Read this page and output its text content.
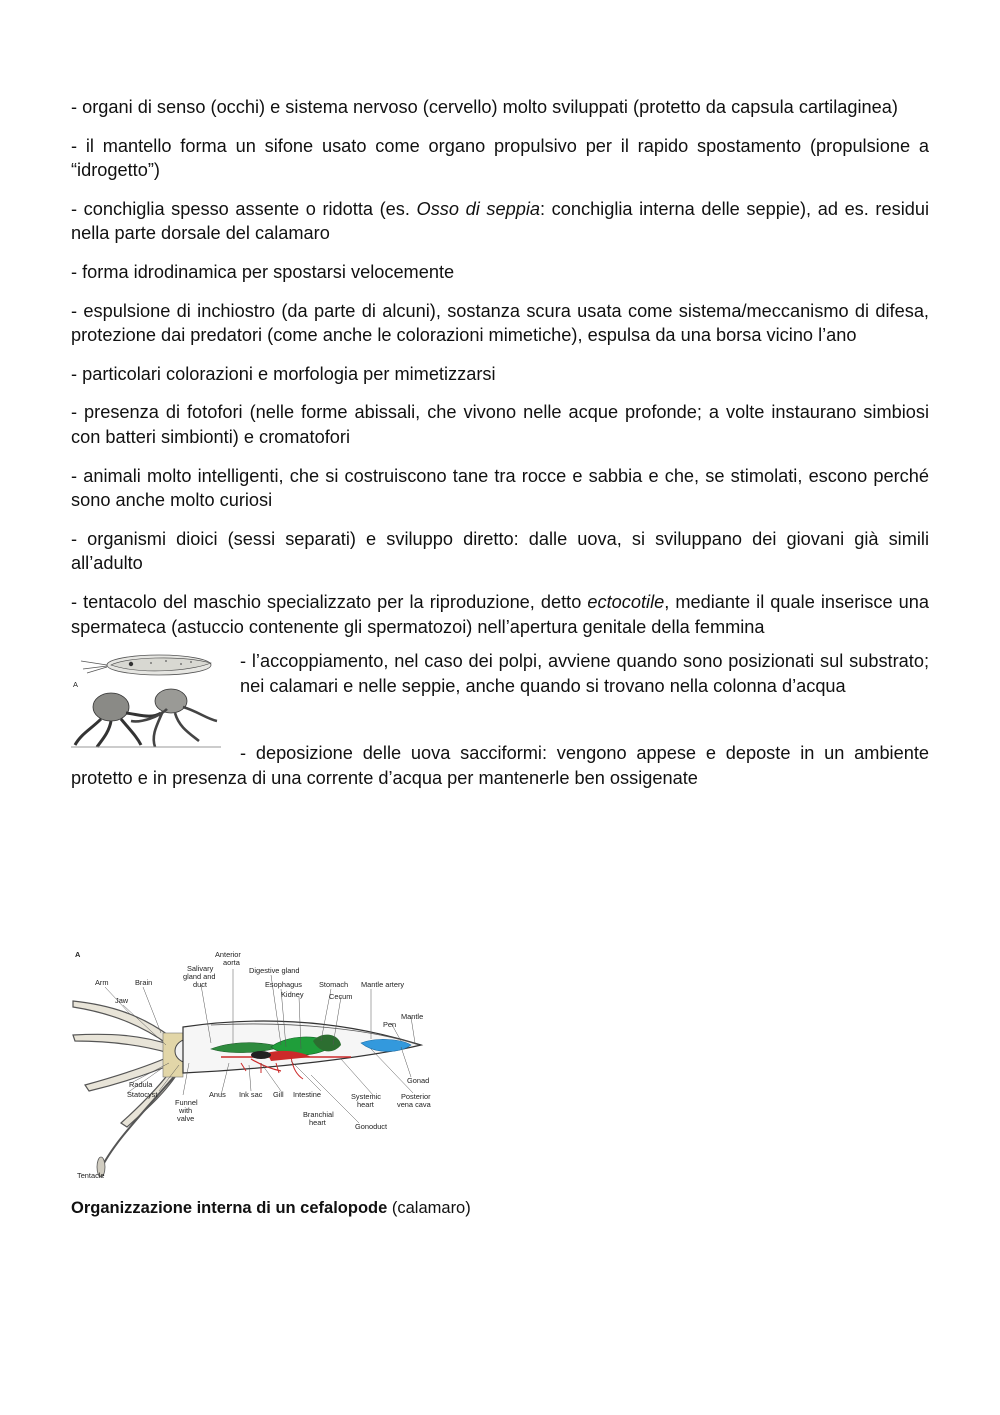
- organi di senso (occhi) e sistema nervoso (cervello) molto sviluppati (protetto da capsula cartilaginea)

- il mantello forma un sifone usato come organo propulsivo per il rapido spostamento (propulsione a “idrogetto”)

- conchiglia spesso assente o ridotta (es. Osso di seppia: conchiglia interna delle seppie), ad es. residui nella parte dorsale del calamaro

- forma idrodinamica per spostarsi velocemente

- espulsione di inchiostro (da parte di alcuni), sostanza scura usata come sistema/meccanismo di difesa, protezione dai predatori (come anche le colorazioni mimetiche), espulsa da una borsa vicino l’ano

- particolari colorazioni e morfologia per mimetizzarsi

- presenza di fotofori (nelle forme abissali, che vivono nelle acque profonde; a volte instaurano simbiosi con batteri simbionti) e cromatofori

- animali molto intelligenti, che si costruiscono tane tra rocce e sabbia e che, se stimolati, escono perché sono anche molto curiosi

- organismi dioici (sessi separati) e sviluppo diretto: dalle uova, si sviluppano dei giovani già simili all’adulto

- tentacolo del maschio specializzato per la riproduzione, detto ectocotile, mediante il quale inserisce una spermateca (astuccio contenente gli spermatozoi) nell’apertura genitale della femmina

A

- l’accoppiamento, nel caso dei polpi, avviene quando sono posizionati sul substrato; nei calamari e nelle seppie, anche quando si trovano nella colonna d’acqua

- deposizione delle uova sacciformi: vengono appese e deposte in un ambiente protetto e in presenza di una corrente d’acqua per mantenerle ben ossigenate

A
Arm	Brain
Jaw
Salivary
gland and
duct
Anterior
aorta
Digestive gland
Esophagus
Kidney
Stomach
Cecum
Mantle artery
Mantle
Pen
Gonad
Posterior
vena cava
Systemic
heart
Gonoduct
Branchial
heart
Intestine
Ink sac Gill
Anus
Funnel
with
valve
Statocyst
Radula
Tentacle
Organizzazione interna di un cefalopode (calamaro)
